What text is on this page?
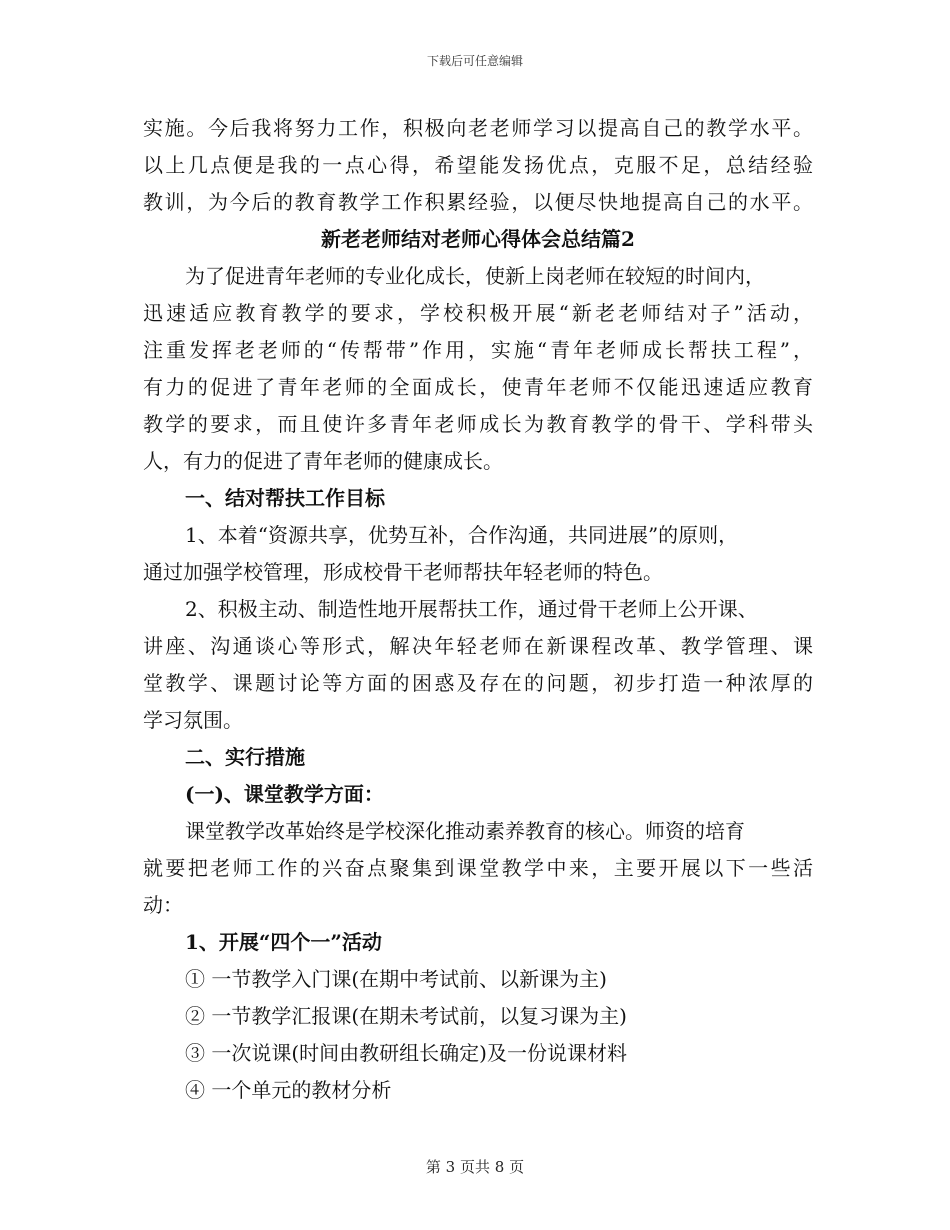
下载后可任意编辑
实施。今后我将努力工作，积极向老老师学习以提高自己的教学水平。
以上几点便是我的一点心得，希望能发扬优点，克服不足，总结经验
教训，为今后的教育教学工作积累经验，以便尽快地提高自己的水平。
新老老师结对老师心得体会总结篇2
为了促进青年老师的专业化成长，使新上岗老师在较短的时间内，
迅速适应教育教学的要求，学校积极开展“新老老师结对子”活动，
注重发挥老老师的“传帮带”作用，实施“青年老师成长帮扶工程”，
有力的促进了青年老师的全面成长，使青年老师不仅能迅速适应教育
教学的要求，而且使许多青年老师成长为教育教学的骨干、学科带头
人，有力的促进了青年老师的健康成长。
一、结对帮扶工作目标
1、本着“资源共享，优势互补，合作沟通，共同进展”的原则，
通过加强学校管理，形成校骨干老师帮扶年轻老师的特色。
2、积极主动、制造性地开展帮扶工作，通过骨干老师上公开课、
讲座、沟通谈心等形式，解决年轻老师在新课程改革、教学管理、课
堂教学、课题讨论等方面的困惑及存在的问题，初步打造一种浓厚的
学习氛围。
二、实行措施
(一)、课堂教学方面：
课堂教学改革始终是学校深化推动素养教育的核心。师资的培育
就要把老师工作的兴奋点聚集到课堂教学中来，主要开展以下一些活
动：
1、开展“四个一”活动
① 一节教学入门课(在期中考试前、以新课为主)
② 一节教学汇报课(在期未考试前，以复习课为主)
③ 一次说课(时间由教研组长确定)及一份说课材料
④ 一个单元的教材分析
第 3 页共 8 页
